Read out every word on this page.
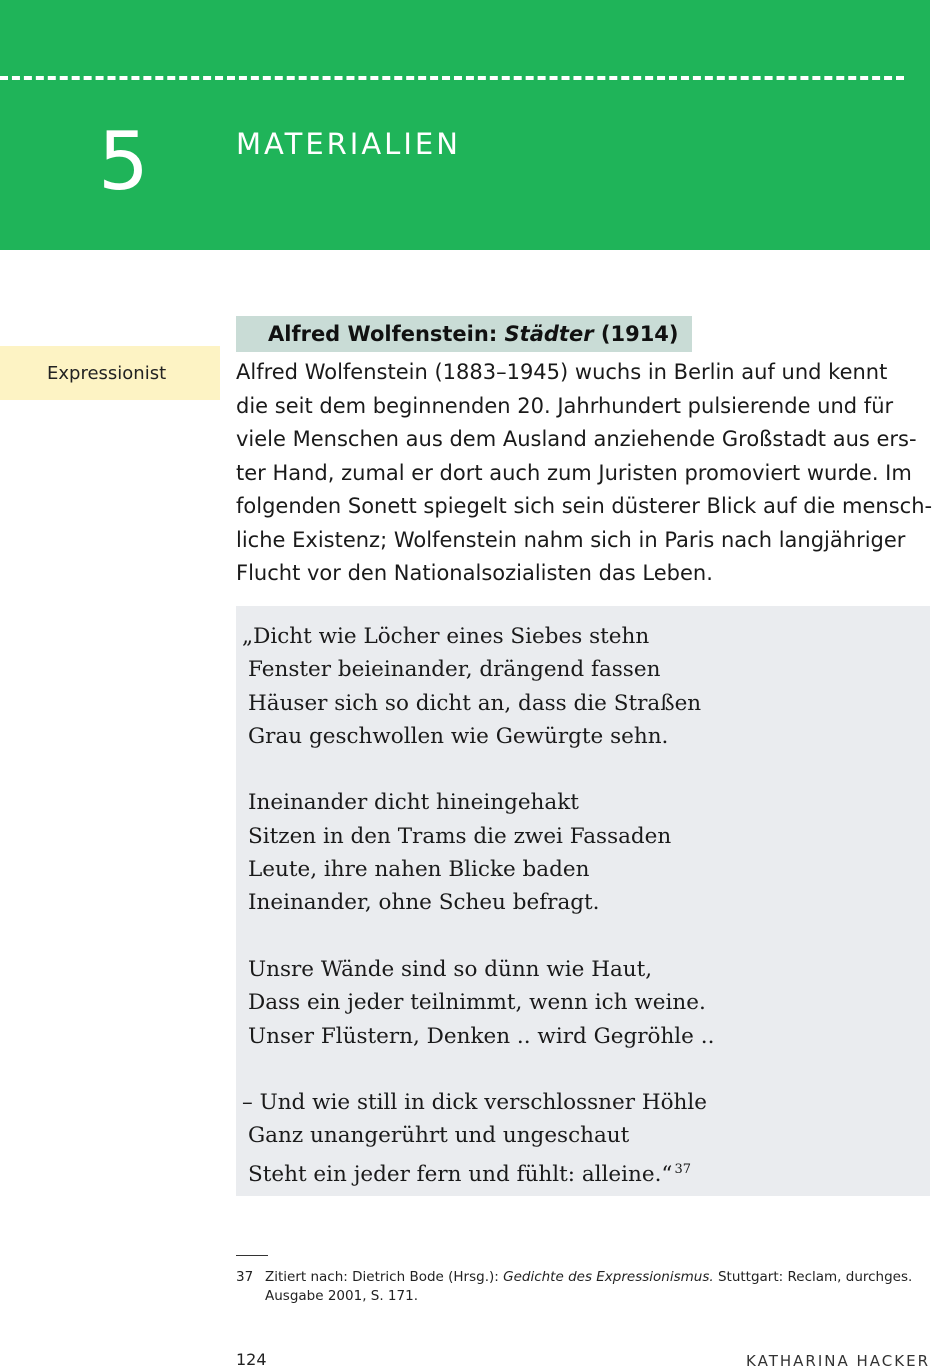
5	MATERIALIEN
Expressionist
Alfred Wolfenstein: Städter (1914)
Alfred Wolfenstein (1883–1945) wuchs in Berlin auf und kennt
die seit dem beginnenden 20. Jahrhundert pulsierende und für
viele Menschen aus dem Ausland anziehende Großstadt aus ers-
ter Hand, zumal er dort auch zum Juristen promoviert wurde. Im
folgenden Sonett spiegelt sich sein düsterer Blick auf die mensch-
liche Existenz; Wolfenstein nahm sich in Paris nach langjähriger
Flucht vor den Nationalsozialisten das Leben.
„Dicht wie Löcher eines Siebes stehn
Fenster beieinander, drängend fassen
Häuser sich so dicht an, dass die Straßen
Grau geschwollen wie Gewürgte sehn.
Ineinander dicht hineingehakt
Sitzen in den Trams die zwei Fassaden
Leute, ihre nahen Blicke baden
Ineinander, ohne Scheu befragt.
Unsre Wände sind so dünn wie Haut,
Dass ein jeder teilnimmt, wenn ich weine.
Unser Flüstern, Denken .. wird Gegröhle ..
– Und wie still in dick verschlossner Höhle
Ganz unangerührt und ungeschaut
Steht ein jeder fern und fühlt: alleine.“ $^{37}$
37 Zitiert nach: Dietrich Bode (Hrsg.): Gedichte des Expressionismus. Stuttgart: Reclam, durchges.
Ausgabe 2001, S. 171.
124	KATHARINA HACKER
